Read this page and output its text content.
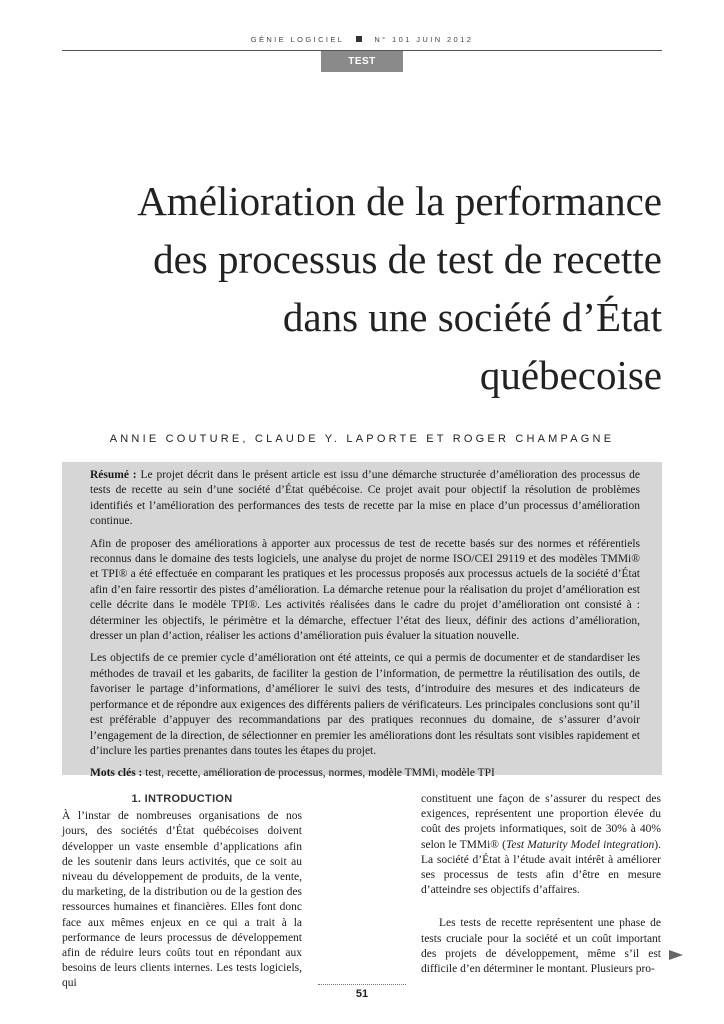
GÉNIE LOGICIEL	N° 101 JUIN 2012
TEST
Amélioration de la performance
des processus de test de recette
dans une société d’État
québecoise
ANNIE COUTURE, CLAUDE Y. LAPORTE ET ROGER CHAMPAGNE

Résumé : Le projet décrit dans le présent article est issu d’une démarche structurée d’amélioration des processus de tests de recette au sein d’une société d’État québécoise. Ce projet avait pour objectif la résolution de problèmes identifiés et l’amélioration des performances des tests de recette par la mise en place d’un processus d’amélioration continue.

Afin de proposer des améliorations à apporter aux processus de test de recette basés sur des normes et référentiels reconnus dans le domaine des tests logiciels, une analyse du projet de norme ISO/CEI 29119 et des modèles TMMi® et TPI® a été effectuée en comparant les pratiques et les processus proposés aux processus actuels de la société d’État afin d’en faire ressortir des pistes d’amélioration. La démarche retenue pour la réalisation du projet d’amélioration est celle décrite dans le modèle TPI®. Les activités réalisées dans le cadre du projet d’amélioration ont consisté à : déterminer les objectifs, le périmètre et la démarche, effectuer l’état des lieux, définir des actions d’amélioration, dresser un plan d’action, réaliser les actions d’amélioration puis évaluer la situation nouvelle.

Les objectifs de ce premier cycle d’amélioration ont été atteints, ce qui a permis de documenter et de standardiser les méthodes de travail et les gabarits, de faciliter la gestion de l’information, de permettre la réutilisation des outils, de favoriser le partage d’informations, d’améliorer le suivi des tests, d’introduire des mesures et des indicateurs de performance et de répondre aux exigences des différents paliers de vérificateurs. Les principales conclusions sont qu’il est préférable d’appuyer des recommandations par des pratiques reconnues du domaine, de s’assurer d’avoir l’engagement de la direction, de sélectionner en premier les améliorations dont les résultats sont visibles rapidement et d’inclure les parties prenantes dans toutes les étapes du projet.

Mots clés : test, recette, amélioration de processus, normes, modèle TMMi, modèle TPI

1. INTRODUCTION

À l’instar de nombreuses organisations de nos jours, des sociétés d’État québécoises doivent développer un vaste ensemble d’applications afin de les soutenir dans leurs activités, que ce soit au niveau du développement de produits, de la vente, du marketing, de la distribution ou de la gestion des ressources humaines et financières. Elles font donc face aux mêmes enjeux en ce qui a trait à la performance de leurs processus de développement afin de réduire leurs coûts tout en répondant aux besoins de leurs clients internes. Les tests logiciels, qui

constituent une façon de s’assurer du respect des exigences, représentent une proportion élevée du coût des projets informatiques, soit de 30% à 40% selon le TMMi® (Test Maturity Model integration). La société d’État à l’étude avait intérêt à améliorer ses processus de tests afin d’être en mesure d’atteindre ses objectifs d’affaires.

Les tests de recette représentent une phase de tests cruciale pour la société et un coût important des projets de développement, même s’il est difficile d’en déterminer le montant. Plusieurs pro-

51
